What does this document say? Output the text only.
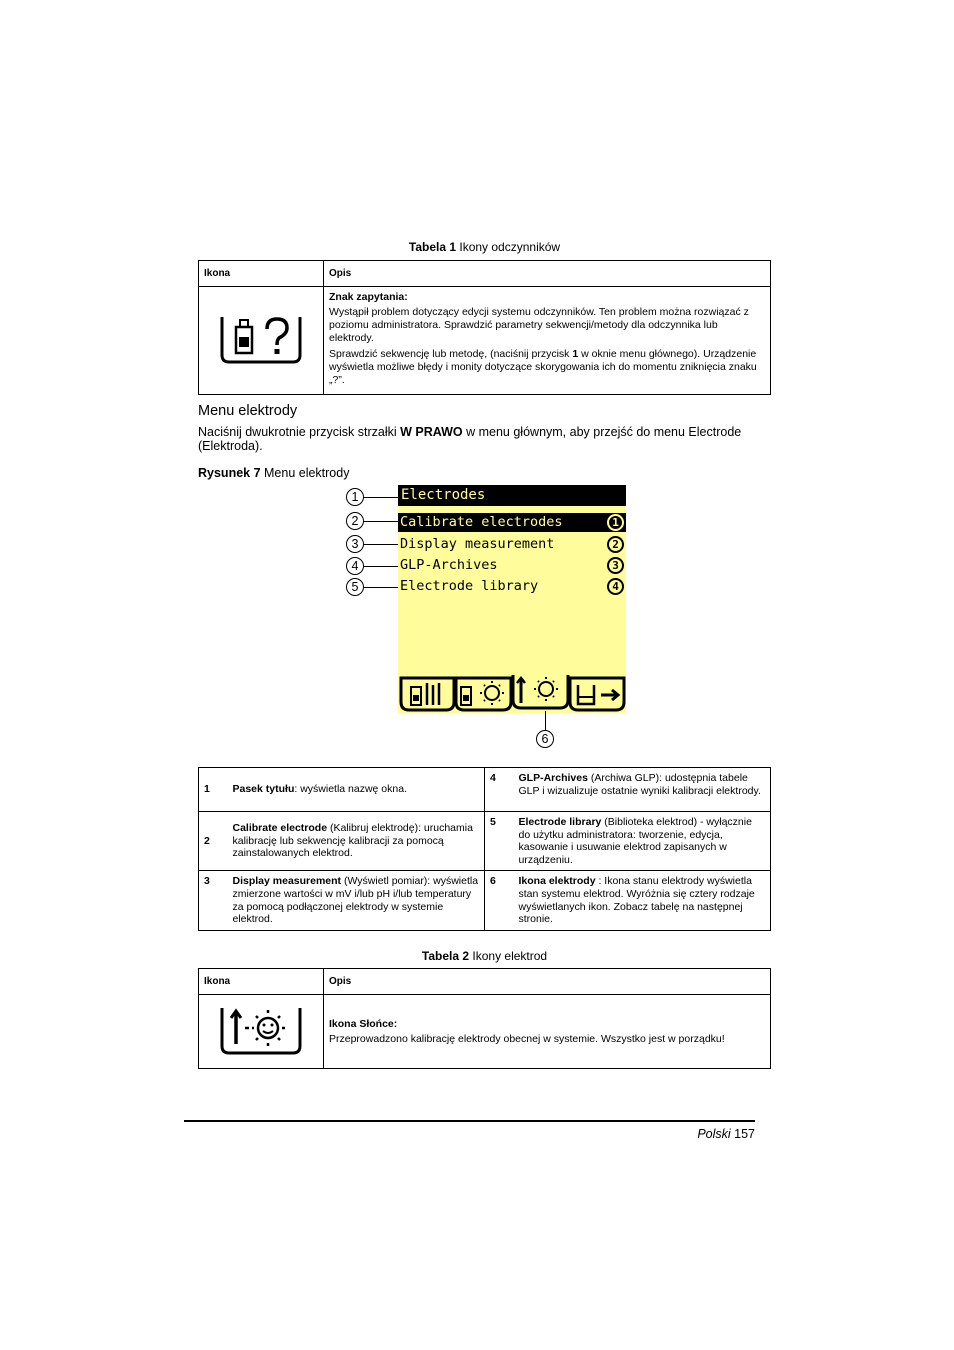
Tabela 1 Ikony odczynników
Ikona	Opis

Znak zapytania:
Wystąpił problem dotyczący edycji systemu odczynników. Ten problem można rozwiązać z poziomu administratora. Sprawdzić parametry sekwencji/metody dla odczynnika lub elektrody.
Sprawdzić sekwencję lub metodę, (naciśnij przycisk 1 w oknie menu głównego). Urządzenie wyświetla możliwe błędy i monity dotyczące skorygowania ich do momentu zniknięcia znaku „?”.
Menu elektrody
Naciśnij dwukrotnie przycisk strzałki W PRAWO w menu głównym, aby przejść do menu Electrode (Elektroda).
Rysunek 7 Menu elektrody
Electrodes
Calibrate electrodes	1
Display measurement	2
GLP-Archives	3
Electrode library	4
1
2
3
4
5
6
1	Pasek tytułu: wyświetla nazwę okna.	4	GLP-Archives (Archiwa GLP): udostępnia tabele GLP i wizualizuje ostatnie wyniki kalibracji elektrody.
2	Calibrate electrode (Kalibruj elektrodę): uruchamia kalibrację lub sekwencję kalibracji za pomocą zainstalowanych elektrod.	5	Electrode library (Biblioteka elektrod) - wyłącznie do użytku administratora: tworzenie, edycja, kasowanie i usuwanie elektrod zapisanych w urządzeniu.
3	Display measurement (Wyświetl pomiar): wyświetla zmierzone wartości w mV i/lub pH i/lub temperatury za pomocą podłączonej elektrody w systemie elektrod.	6	Ikona elektrody : Ikona stanu elektrody wyświetla stan systemu elektrod. Wyróżnia się cztery rodzaje wyświetlanych ikon. Zobacz tabelę na następnej stronie.
Tabela 2 Ikony elektrod
Ikona	Opis

Ikona Słońce:
Przeprowadzono kalibrację elektrody obecnej w systemie. Wszystko jest w porządku!
Polski 157
